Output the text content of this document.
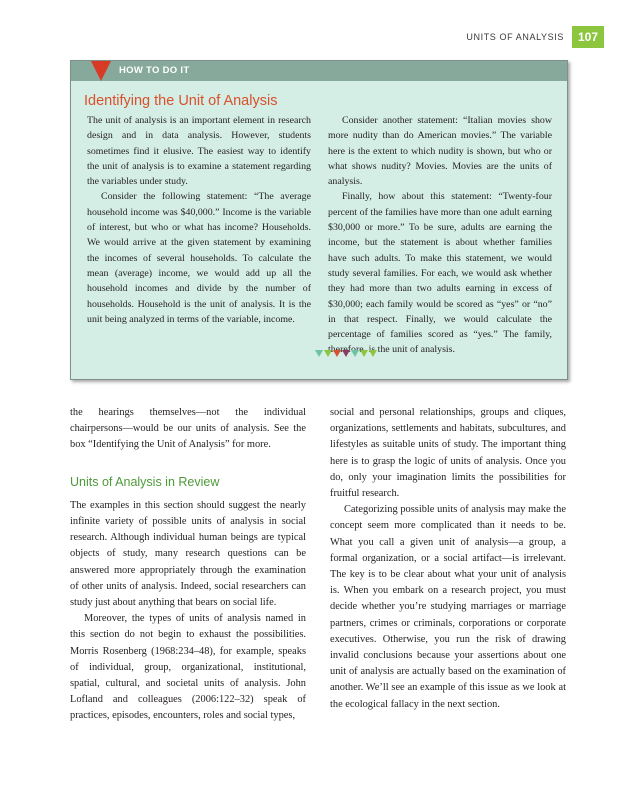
UNITS OF ANALYSIS	107
HOW TO DO IT
Identifying the Unit of Analysis

The unit of analysis is an important element in research design and in data analysis. However, students sometimes find it elusive. The easiest way to identify the unit of analysis is to examine a statement regarding the variables under study.

Consider the following statement: “The average household income was $40,000.” Income is the variable of interest, but who or what has income? Households. We would arrive at the given statement by examining the incomes of several households. To calculate the mean (average) income, we would add up all the household incomes and divide by the number of households. Household is the unit of analysis. It is the unit being analyzed in terms of the variable, income.

Consider another statement: “Italian movies show more nudity than do American movies.” The variable here is the extent to which nudity is shown, but who or what shows nudity? Movies. Movies are the units of analysis.

Finally, how about this statement: “Twenty-four percent of the families have more than one adult earning $30,000 or more.” To be sure, adults are earning the income, but the statement is about whether families have such adults. To make this statement, we would study several families. For each, we would ask whether they had more than two adults earning in excess of $30,000; each family would be scored as “yes” or “no” in that respect. Finally, we would calculate the percentage of families scored as “yes.” The family, therefore, is the unit of analysis.

the hearings themselves—not the individual chairpersons—would be our units of analysis. See the box “Identifying the Unit of Analysis” for more.

Units of Analysis in Review

The examples in this section should suggest the nearly infinite variety of possible units of analysis in social research. Although individual human beings are typical objects of study, many research questions can be answered more appropriately through the examination of other units of analysis. Indeed, social researchers can study just about anything that bears on social life.

Moreover, the types of units of analysis named in this section do not begin to exhaust the possibilities. Morris Rosenberg (1968:234–48), for example, speaks of individual, group, organizational, institutional, spatial, cultural, and societal units of analysis. John Lofland and colleagues (2006:122–32) speak of practices, episodes, encounters, roles and social types,

social and personal relationships, groups and cliques, organizations, settlements and habitats, subcultures, and lifestyles as suitable units of study. The important thing here is to grasp the logic of units of analysis. Once you do, only your imagination limits the possibilities for fruitful research.

Categorizing possible units of analysis may make the concept seem more complicated than it needs to be. What you call a given unit of analysis—a group, a formal organization, or a social artifact—is irrelevant. The key is to be clear about what your unit of analysis is. When you embark on a research project, you must decide whether you’re studying marriages or marriage partners, crimes or criminals, corporations or corporate executives. Otherwise, you run the risk of drawing invalid conclusions because your assertions about one unit of analysis are actually based on the examination of another. We’ll see an example of this issue as we look at the ecological fallacy in the next section.
